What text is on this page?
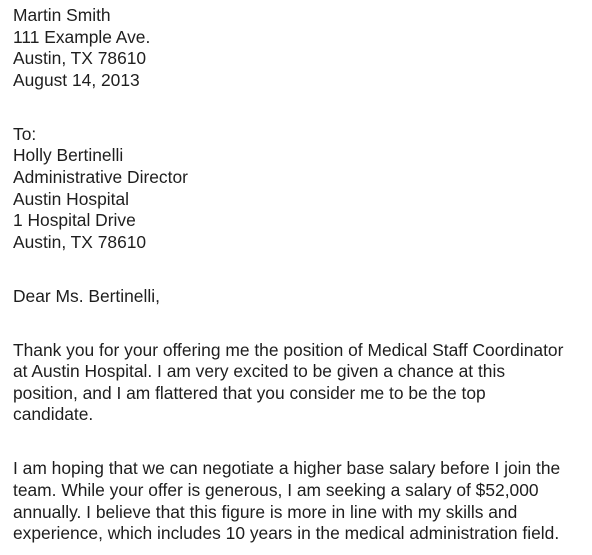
Martin Smith
111 Example Ave.
Austin, TX 78610
August 14, 2013
To:
Holly Bertinelli
Administrative Director
Austin Hospital
1 Hospital Drive
Austin, TX 78610
Dear Ms. Bertinelli,
Thank you for your offering me the position of Medical Staff Coordinator
at Austin Hospital. I am very excited to be given a chance at this
position, and I am flattered that you consider me to be the top
candidate.
I am hoping that we can negotiate a higher base salary before I join the
team. While your offer is generous, I am seeking a salary of $52,000
annually. I believe that this figure is more in line with my skills and
experience, which includes 10 years in the medical administration field.
